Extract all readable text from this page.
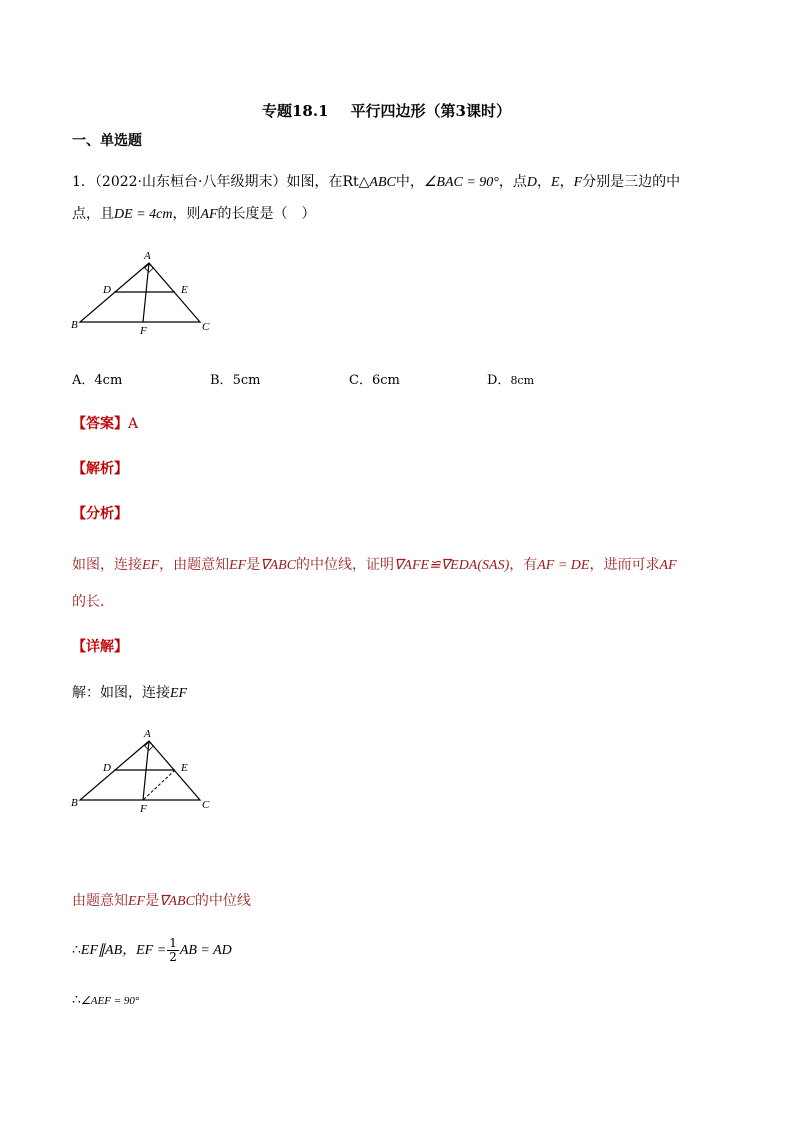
专题18.1 平行四边形（第3课时）
一、单选题
1．（2022·山东桓台·八年级期末）如图，在Rt△ABC中，∠BAC = 90°，点D，E，F分别是三边的中
点，且DE = 4cm，则AF的长度是（　）
A
B	C
D	E
F
A．4cm	B．5cm	C．6cm	D．8cm
【答案】A
【解析】
【分析】
如图，连接EF，由题意知EF是∇ABC的中位线，证明∇AFE≌∇EDA(SAS)，有AF = DE，进而可求AF
的长．
【详解】
解：如图，连接EF
A
B	C
D	E
F
由题意知EF是∇ABC的中位线
∴EF∥AB，EF = $\frac{1}{2}$ AB = AD
∴∠AEF = 90°
